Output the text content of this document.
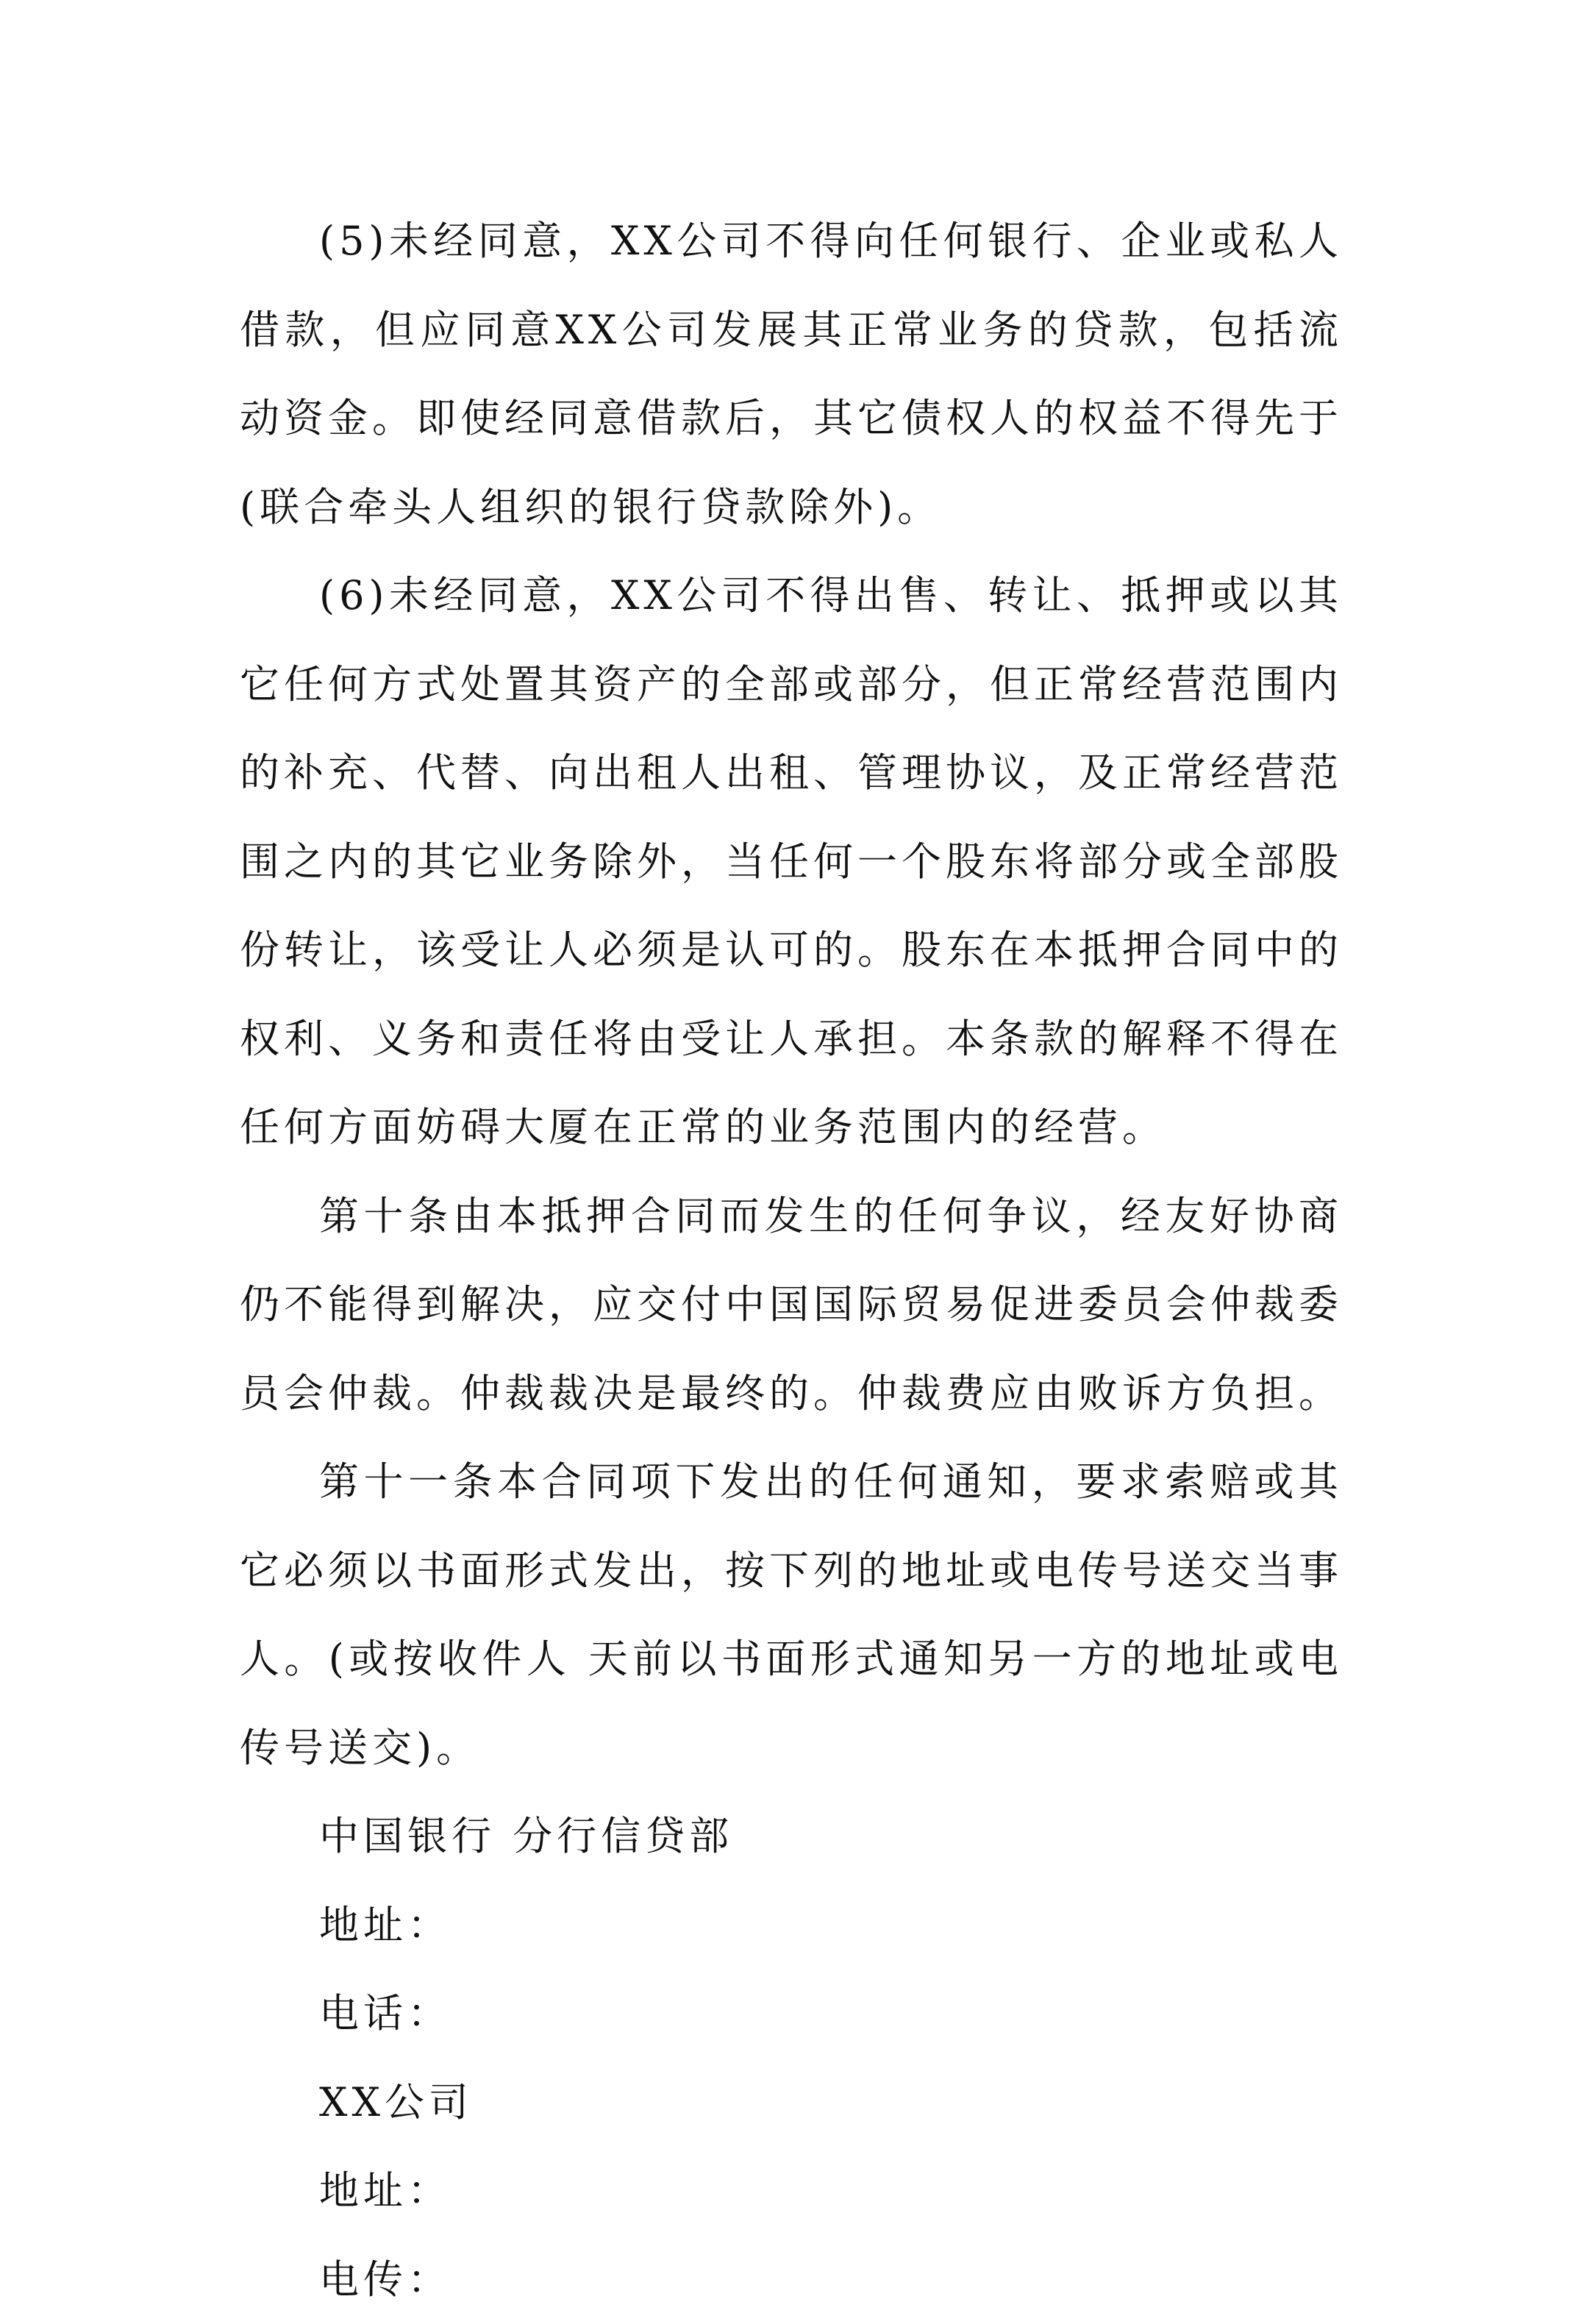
(5)未经同意，XX公司不得向任何银行、企业或私人借款，但应同意XX公司发展其正常业务的贷款，包括流动资金。即使经同意借款后，其它债权人的权益不得先于(联合牵头人组织的银行贷款除外)。

(6)未经同意，XX公司不得出售、转让、抵押或以其它任何方式处置其资产的全部或部分，但正常经营范围内的补充、代替、向出租人出租、管理协议，及正常经营范围之内的其它业务除外，当任何一个股东将部分或全部股份转让，该受让人必须是认可的。股东在本抵押合同中的权利、义务和责任将由受让人承担。本条款的解释不得在任何方面妨碍大厦在正常的业务范围内的经营。

第十条由本抵押合同而发生的任何争议，经友好协商仍不能得到解决，应交付中国国际贸易促进委员会仲裁委员会仲裁。仲裁裁决是最终的。仲裁费应由败诉方负担。

第十一条本合同项下发出的任何通知，要求索赔或其它必须以书面形式发出，按下列的地址或电传号送交当事人。(或按收件人 天前以书面形式通知另一方的地址或电传号送交)。

中国银行 分行信贷部

地址：

电话：

XX公司

地址：

电传：
